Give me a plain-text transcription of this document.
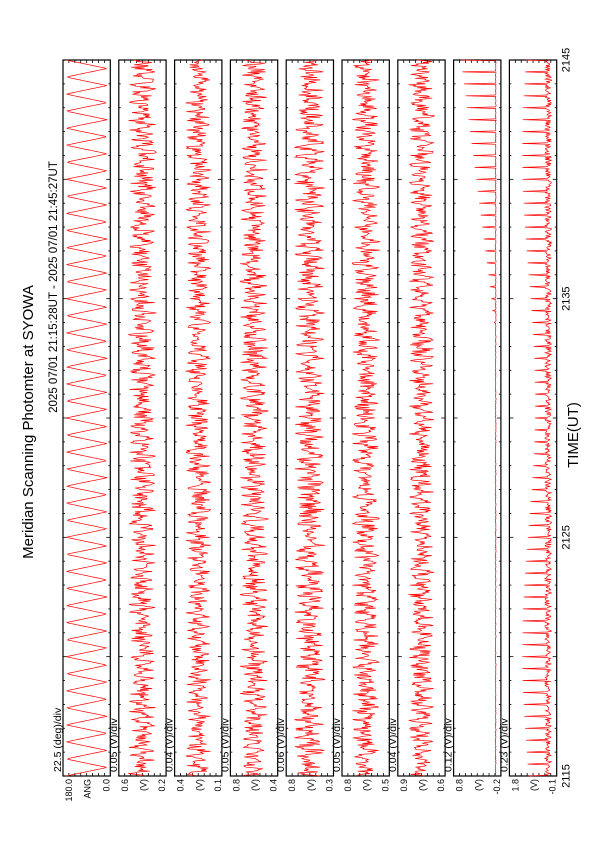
Meridian Scanning Photomter at SYOWA 2025 07/01 21:15:28UT - 2025 07/01 21:45:27UT
22.5 (deg)/div
180.0	0.0
ANG
0.05 (V)/div
0.6	0.2
(V)
0.04 (V)/div
0.4	0.1
(V)
0.05 (V)/div
0.8	0.4
(V)
0.06 (V)/div
0.8	0.3
(V)
0.05 (V)/div
0.8	0.5
(V)
0.04 (V)/div
0.9	0.6
(V)
0.12 (V)/div
0.8	-0.2
(V)
0.23 (V)/div
1.8	-0.1
(V) 2115
2125
2135
2145
TIME(UT)
